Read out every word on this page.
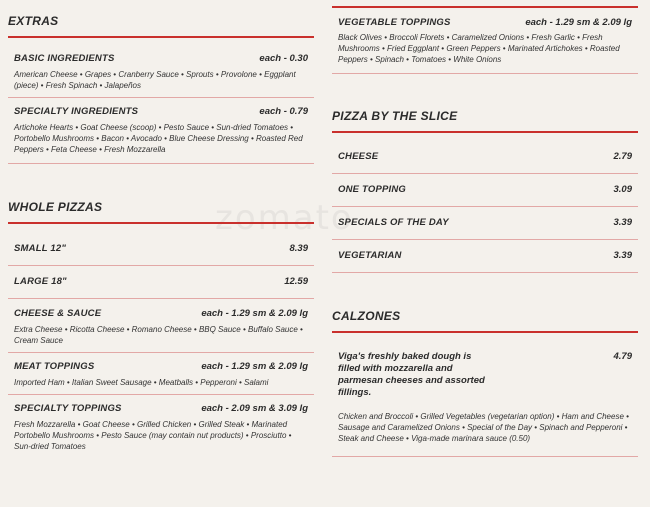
zomato
EXTRAS
BASIC INGREDIENTS	each - 0.30
American Cheese • Grapes • Cranberry Sauce • Sprouts • Provolone • Eggplant (piece) • Fresh Spinach • Jalapeños
SPECIALTY INGREDIENTS	each - 0.79
Artichoke Hearts • Goat Cheese (scoop) • Pesto Sauce • Sun-dried Tomatoes • Portobello Mushrooms • Bacon • Avocado • Blue Cheese Dressing • Roasted Red Peppers • Feta Cheese • Fresh Mozzarella
WHOLE PIZZAS
SMALL 12"	8.39
LARGE 18"	12.59
CHEESE & SAUCE	each - 1.29 sm & 2.09 lg
Extra Cheese • Ricotta Cheese • Romano Cheese • BBQ Sauce • Buffalo Sauce • Cream Sauce
MEAT TOPPINGS	each - 1.29 sm & 2.09 lg
Imported Ham • Italian Sweet Sausage • Meatballs • Pepperoni • Salami
SPECIALTY TOPPINGS	each - 2.09 sm & 3.09 lg
Fresh Mozzarella • Goat Cheese • Grilled Chicken • Grilled Steak • Marinated Portobello Mushrooms • Pesto Sauce (may contain nut products) • Prosciutto • Sun-dried Tomatoes
VEGETABLE TOPPINGS	each - 1.29 sm & 2.09 lg
Black Olives • Broccoli Florets • Caramelized Onions • Fresh Garlic • Fresh Mushrooms • Fried Eggplant • Green Peppers • Marinated Artichokes • Roasted Peppers • Spinach • Tomatoes • White Onions
PIZZA BY THE SLICE
CHEESE	2.79
ONE TOPPING	3.09
SPECIALS OF THE DAY	3.39
VEGETARIAN	3.39
CALZONES
Viga's freshly baked dough is filled with mozzarella and parmesan cheeses and assorted fillings.
4.79
Chicken and Broccoli • Grilled Vegetables (vegetarian option) • Ham and Cheese • Sausage and Caramelized Onions • Special of the Day • Spinach and Pepperoni • Steak and Cheese • Viga-made marinara sauce (0.50)
